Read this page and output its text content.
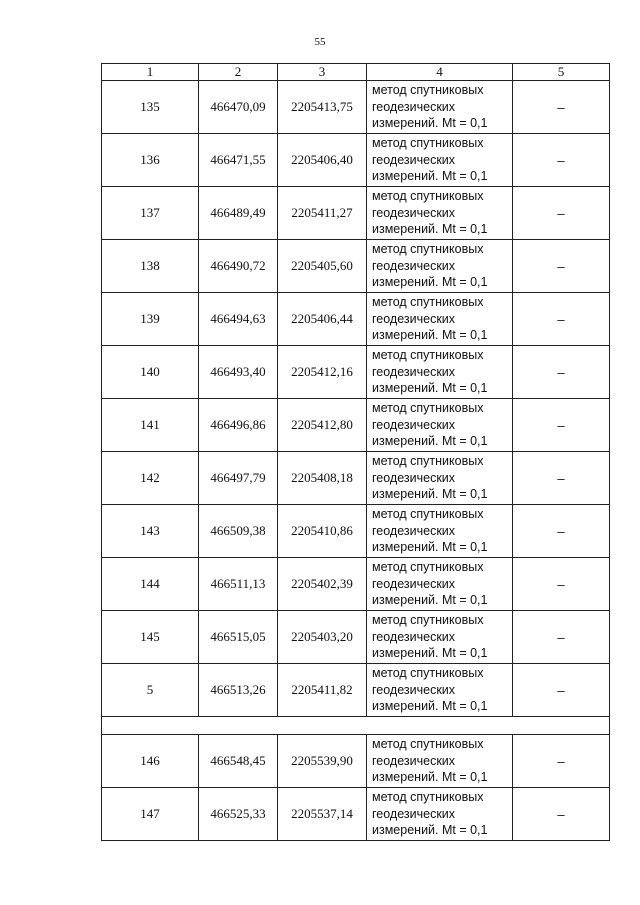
55
1	2	3	4	5
135	466470,09	2205413,75	метод спутниковых
геодезических
измерений. Mt = 0,1	–
136	466471,55	2205406,40	метод спутниковых
геодезических
измерений. Mt = 0,1	–
137	466489,49	2205411,27	метод спутниковых
геодезических
измерений. Mt = 0,1	–
138	466490,72	2205405,60	метод спутниковых
геодезических
измерений. Mt = 0,1	–
139	466494,63	2205406,44	метод спутниковых
геодезических
измерений. Mt = 0,1	–
140	466493,40	2205412,16	метод спутниковых
геодезических
измерений. Mt = 0,1	–
141	466496,86	2205412,80	метод спутниковых
геодезических
измерений. Mt = 0,1	–
142	466497,79	2205408,18	метод спутниковых
геодезических
измерений. Mt = 0,1	–
143	466509,38	2205410,86	метод спутниковых
геодезических
измерений. Mt = 0,1	–
144	466511,13	2205402,39	метод спутниковых
геодезических
измерений. Mt = 0,1	–
145	466515,05	2205403,20	метод спутниковых
геодезических
измерений. Mt = 0,1	–
5	466513,26	2205411,82	метод спутниковых
геодезических
измерений. Mt = 0,1	–

146	466548,45	2205539,90	метод спутниковых
геодезических
измерений. Mt = 0,1	–
147	466525,33	2205537,14	метод спутниковых
геодезических
измерений. Mt = 0,1	–
